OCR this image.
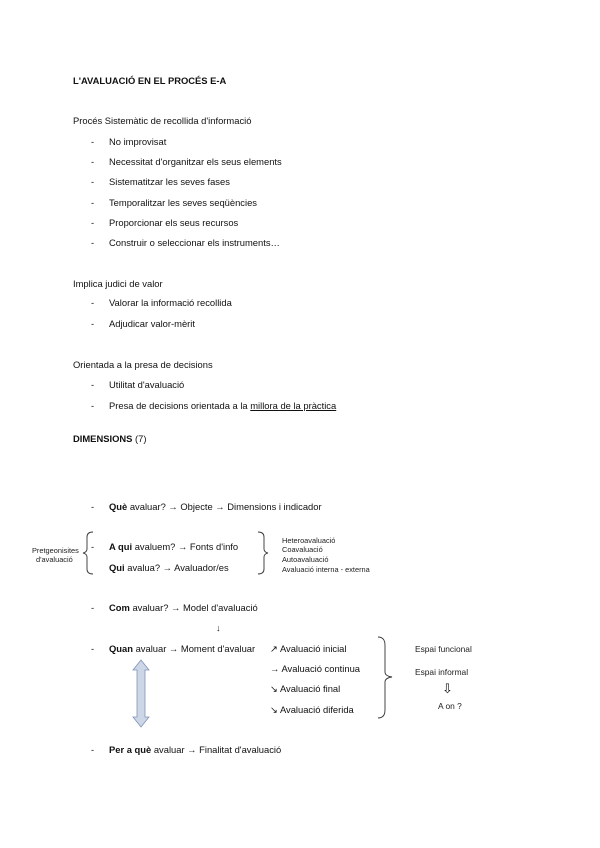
L'AVALUACIÓ EN EL PROCÉS E-A
Procés Sistemàtic de recollida d'informació
- No improvisat
- Necessitat d'organitzar els seus elements
- Sistematitzar les seves fases
- Temporalitzar les seves seqüències
- Proporcionar els seus recursos
- Construir o seleccionar els instruments…
Implica judici de valor
- Valorar la informació recollida
- Adjudicar valor-mèrit
Orientada a la presa de decisions
- Utilitat d'avaluació
- Presa de decisions orientada a la millora de la pràctica
DIMENSIONS (7)
- Què avaluar? → Objecte → Dimensions i indicador
Pretgeonisites
d'avaluació
- A qui avaluem? → Fonts d'info
Qui avalua? → Avaluador/es
Heteroavaluació
Coavaluació
Autoavaluació
Avaluació interna - externa
- Com avaluar? → Model d'avaluació
↓
- Quan avaluar → Moment d'avaluar ↗ Avaluació inicial
→ Avaluació continua
↘ Avaluació final
↘ Avaluació diferida
Espai funcional
Espai informal
⇩
A on ?
- Per a què avaluar → Finalitat d'avaluació
